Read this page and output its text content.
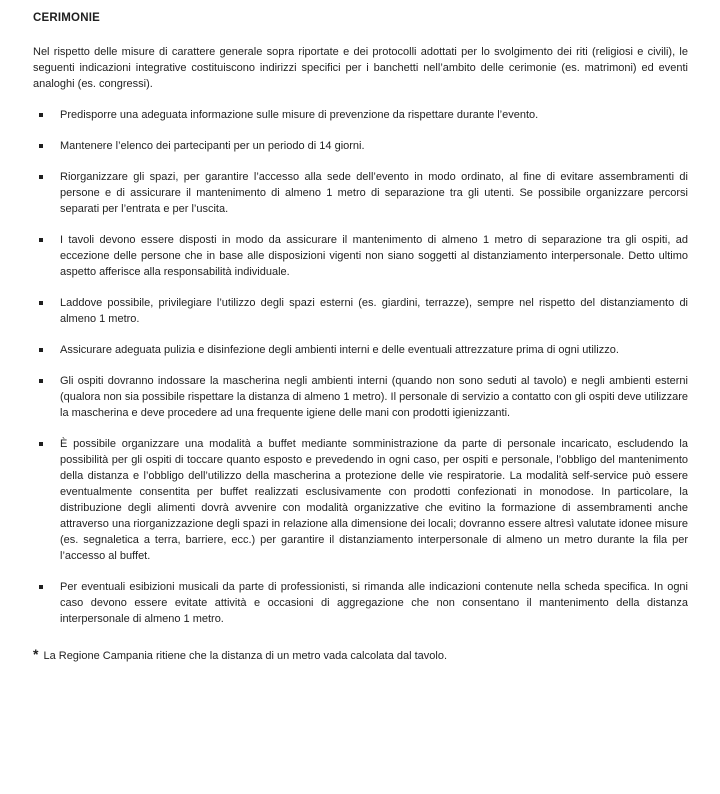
CERIMONIE

Nel rispetto delle misure di carattere generale sopra riportate e dei protocolli adottati per lo svolgimento dei riti (religiosi e civili), le seguenti indicazioni integrative costituiscono indirizzi specifici per i banchetti nell’ambito delle cerimonie (es. matrimoni) ed eventi analoghi (es. congressi).

Predisporre una adeguata informazione sulle misure di prevenzione da rispettare durante l’evento.
Mantenere l’elenco dei partecipanti per un periodo di 14 giorni.
Riorganizzare gli spazi, per garantire l’accesso alla sede dell’evento in modo ordinato, al fine di evitare assembramenti di persone e di assicurare il mantenimento di almeno 1 metro di separazione tra gli utenti. Se possibile organizzare percorsi separati per l’entrata e per l’uscita.
I tavoli devono essere disposti in modo da assicurare il mantenimento di almeno 1 metro di separazione tra gli ospiti, ad eccezione delle persone che in base alle disposizioni vigenti non siano soggetti al distanziamento interpersonale. Detto ultimo aspetto afferisce alla responsabilità individuale.
Laddove possibile, privilegiare l’utilizzo degli spazi esterni (es. giardini, terrazze), sempre nel rispetto del distanziamento di almeno 1 metro.
Assicurare adeguata pulizia e disinfezione degli ambienti interni e delle eventuali attrezzature prima di ogni utilizzo.
Gli ospiti dovranno indossare la mascherina negli ambienti interni (quando non sono seduti al tavolo) e negli ambienti esterni (qualora non sia possibile rispettare la distanza di almeno 1 metro). Il personale di servizio a contatto con gli ospiti deve utilizzare la mascherina e deve procedere ad una frequente igiene delle mani con prodotti igienizzanti.
È possibile organizzare una modalità a buffet mediante somministrazione da parte di personale incaricato, escludendo la possibilità per gli ospiti di toccare quanto esposto e prevedendo in ogni caso, per ospiti e personale, l’obbligo del mantenimento della distanza e l’obbligo dell’utilizzo della mascherina a protezione delle vie respiratorie. La modalità self-service può essere eventualmente consentita per buffet realizzati esclusivamente con prodotti confezionati in monodose. In particolare, la distribuzione degli alimenti dovrà avvenire con modalità organizzative che evitino la formazione di assembramenti anche attraverso una riorganizzazione degli spazi in relazione alla dimensione dei locali; dovranno essere altresì valutate idonee misure (es. segnaletica a terra, barriere, ecc.) per garantire il distanziamento interpersonale di almeno un metro durante la fila per l’accesso al buffet.
Per eventuali esibizioni musicali da parte di professionisti, si rimanda alle indicazioni contenute nella scheda specifica. In ogni caso devono essere evitate attività e occasioni di aggregazione che non consentano il mantenimento della distanza interpersonale di almeno 1 metro.
* La Regione Campania ritiene che la distanza di un metro vada calcolata dal tavolo.
